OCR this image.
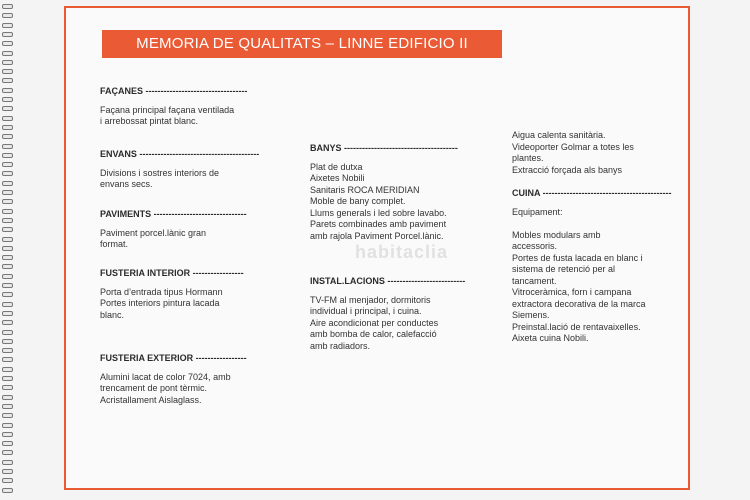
MEMORIA DE QUALITATS – LINNE EDIFICIO II
habitaclia
FAÇANES ----------------------------------
Façana principal façana ventilada
i arrebossat pintat blanc.
ENVANS ----------------------------------------
Divisions i sostres interiors de
envans secs.
PAVIMENTS -------------------------------
Paviment porcel.lànic gran
format.
FUSTERIA INTERIOR -----------------
Porta d’entrada tipus Hormann
Portes interiors pintura lacada
blanc.
FUSTERIA EXTERIOR -----------------
Alumini lacat de color 7024, amb
trencament de pont tèrmic.
Acristallament Aislaglass.
BANYS --------------------------------------
Plat de dutxa
Aixetes Nobili
Sanitaris ROCA MERIDIAN
Moble de bany complet.
Llums generals i led sobre lavabo.
Parets combinades amb paviment
amb rajola Paviment Porcel.lànic.
INSTAL.LACIONS --------------------------
TV-FM al menjador, dormitoris
individual i principal, i cuina.
Aire acondicionat per conductes
amb bomba de calor, calefacció
amb radiadors.
Aigua calenta sanitària.
Videoporter Golmar a totes les
plantes.
Extracció forçada als banys
CUINA -------------------------------------------
Equipament:

Mobles modulars amb
accessoris.
Portes de fusta lacada en blanc i
sistema de retenció per al
tancament.
Vitroceràmica, forn i campana
extractora decorativa de la marca
Siemens.
Preinstal.lació de rentavaixelles.
Aixeta cuina Nobili.
